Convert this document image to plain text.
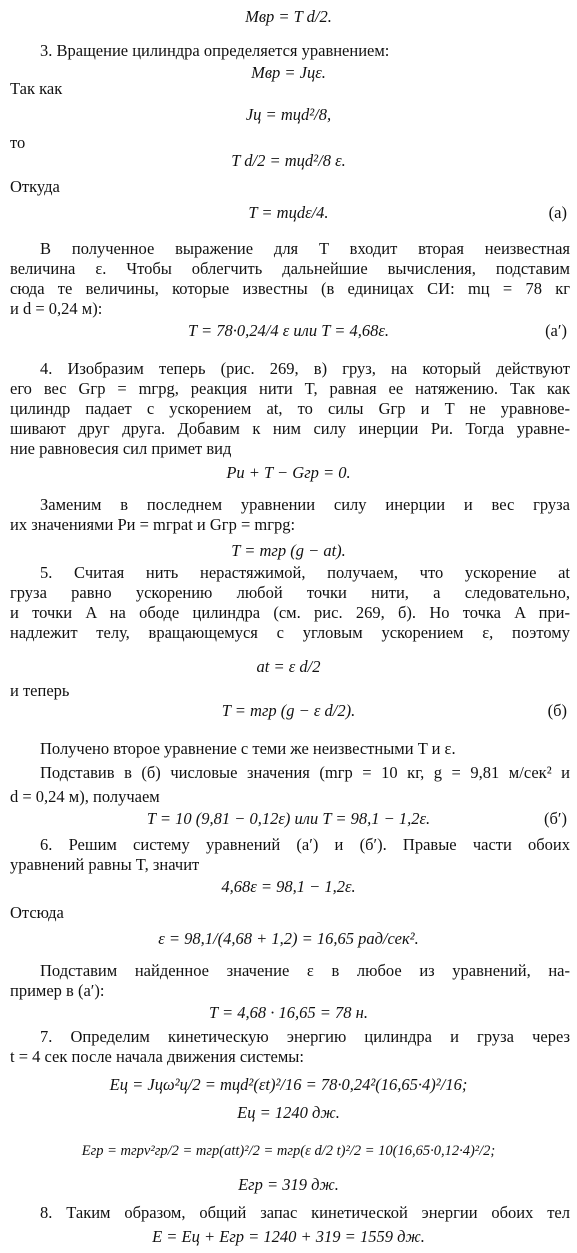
Mвр = T d/2.
3. Вращение цилиндра определяется уравнением:
Mвр = Jцε.
Так как
Jц = mцd²/8,
то
T d/2 = mцd²/8 ε.
Откуда
T = mцdε/4.	(a)
В полученное выражение для T входит вторая неизвестная
величина ε. Чтобы облегчить дальнейшие вычисления, подставим
сюда те величины, которые известны (в единицах СИ: mц = 78 кг
и d = 0,24 м):
T = 78·0,24/4 ε или T = 4,68ε.	(a′)
4. Изобразим теперь (рис. 269, в) груз, на который действуют
его вес Gгр = mгрg, реакция нити T, равная ее натяжению. Так как
цилиндр падает с ускорением at, то силы Gгр и T не уравнове-
шивают друг друга. Добавим к ним силу инерции Pи. Тогда уравне-
ние равновесия сил примет вид
Pи + T − Gгр = 0.
Заменим в последнем уравнении силу инерции и вес груза
их значениями Pи = mгрat и Gгр = mгрg:
T = mгр (g − at).
5. Считая нить нерастяжимой, получаем, что ускорение at
груза равно ускорению любой точки нити, а следовательно,
и точки A на ободе цилиндра (см. рис. 269, б). Но точка A при-
надлежит телу, вращающемуся с угловым ускорением ε, поэтому
at = ε d/2
и теперь
T = mгр (g − ε d/2).	(б)
Получено второе уравнение с теми же неизвестными T и ε.
Подставив в (б) числовые значения (mгр = 10 кг, g = 9,81 м/сек² и
d = 0,24 м), получаем
T = 10 (9,81 − 0,12ε) или T = 98,1 − 1,2ε.	(б′)
6. Решим систему уравнений (a′) и (б′). Правые части обоих
уравнений равны T, значит
4,68ε = 98,1 − 1,2ε.
Отсюда
ε = 98,1/(4,68 + 1,2) = 16,65 рад/сек².
Подставим найденное значение ε в любое из уравнений, на-
пример в (a′):
T = 4,68 · 16,65 = 78 н.
7. Определим кинетическую энергию цилиндра и груза через
t = 4 сек после начала движения системы:
Eц = Jцω²ц/2 = mцd²(εt)²/16 = 78·0,24²(16,65·4)²/16;
Eц = 1240 дж.
Eгр = mгрv²гр/2 = mгр(att)²/2 = mгр(ε d/2 t)²/2 = 10(16,65·0,12·4)²/2;
Eгр = 319 дж.
8. Таким образом, общий запас кинетической энергии обоих тел
E = Eц + Eгр = 1240 + 319 = 1559 дж.
